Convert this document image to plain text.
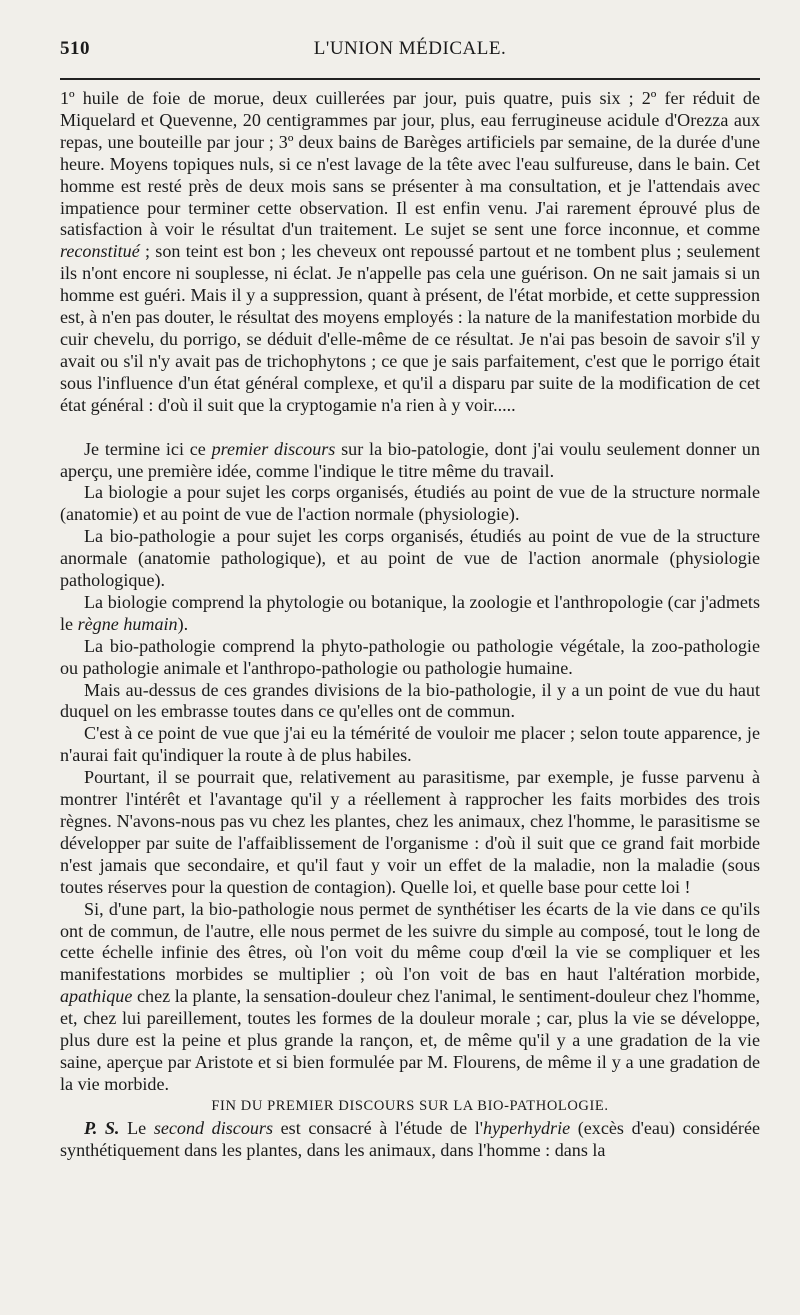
510	L'UNION MÉDICALE.

1º huile de foie de morue, deux cuillerées par jour, puis quatre, puis six ; 2º fer réduit de Miquelard et Quevenne, 20 centigrammes par jour, plus, eau ferrugineuse acidule d'Orezza aux repas, une bouteille par jour ; 3º deux bains de Barèges artificiels par semaine, de la durée d'une heure. Moyens topiques nuls, si ce n'est lavage de la tête avec l'eau sulfureuse, dans le bain. Cet homme est resté près de deux mois sans se présenter à ma consultation, et je l'attendais avec impatience pour terminer cette observation. Il est enfin venu. J'ai rarement éprouvé plus de satisfaction à voir le résultat d'un traitement. Le sujet se sent une force inconnue, et comme reconstitué ; son teint est bon ; les cheveux ont repoussé partout et ne tombent plus ; seulement ils n'ont encore ni souplesse, ni éclat. Je n'appelle pas cela une guérison. On ne sait jamais si un homme est guéri. Mais il y a suppression, quant à présent, de l'état morbide, et cette suppression est, à n'en pas douter, le résultat des moyens employés : la nature de la manifestation morbide du cuir chevelu, du porrigo, se déduit d'elle-même de ce résultat. Je n'ai pas besoin de savoir s'il y avait ou s'il n'y avait pas de trichophytons ; ce que je sais parfaitement, c'est que le porrigo était sous l'influence d'un état général complexe, et qu'il a disparu par suite de la modification de cet état général : d'où il suit que la cryptogamie n'a rien à y voir.....

Je termine ici ce premier discours sur la bio-patologie, dont j'ai voulu seulement donner un aperçu, une première idée, comme l'indique le titre même du travail.

La biologie a pour sujet les corps organisés, étudiés au point de vue de la structure normale (anatomie) et au point de vue de l'action normale (physiologie).

La bio-pathologie a pour sujet les corps organisés, étudiés au point de vue de la structure anormale (anatomie pathologique), et au point de vue de l'action anormale (physiologie pathologique).

La biologie comprend la phytologie ou botanique, la zoologie et l'anthropologie (car j'admets le règne humain).

La bio-pathologie comprend la phyto-pathologie ou pathologie végétale, la zoo-pathologie ou pathologie animale et l'anthropo-pathologie ou pathologie humaine.

Mais au-dessus de ces grandes divisions de la bio-pathologie, il y a un point de vue du haut duquel on les embrasse toutes dans ce qu'elles ont de commun.

C'est à ce point de vue que j'ai eu la témérité de vouloir me placer ; selon toute apparence, je n'aurai fait qu'indiquer la route à de plus habiles.

Pourtant, il se pourrait que, relativement au parasitisme, par exemple, je fusse parvenu à montrer l'intérêt et l'avantage qu'il y a réellement à rapprocher les faits morbides des trois règnes. N'avons-nous pas vu chez les plantes, chez les animaux, chez l'homme, le parasitisme se développer par suite de l'affaiblissement de l'organisme : d'où il suit que ce grand fait morbide n'est jamais que secondaire, et qu'il faut y voir un effet de la maladie, non la maladie (sous toutes réserves pour la question de contagion). Quelle loi, et quelle base pour cette loi !

Si, d'une part, la bio-pathologie nous permet de synthétiser les écarts de la vie dans ce qu'ils ont de commun, de l'autre, elle nous permet de les suivre du simple au composé, tout le long de cette échelle infinie des êtres, où l'on voit du même coup d'œil la vie se compliquer et les manifestations morbides se multiplier ; où l'on voit de bas en haut l'altération morbide, apathique chez la plante, la sensation-douleur chez l'animal, le sentiment-douleur chez l'homme, et, chez lui pareillement, toutes les formes de la douleur morale ; car, plus la vie se développe, plus dure est la peine et plus grande la rançon, et, de même qu'il y a une gradation de la vie saine, aperçue par Aristote et si bien formulée par M. Flourens, de même il y a une gradation de la vie morbide.

FIN DU PREMIER DISCOURS SUR LA BIO-PATHOLOGIE.

P. S. Le second discours est consacré à l'étude de l'hyperhydrie (excès d'eau) considérée synthétiquement dans les plantes, dans les animaux, dans l'homme : dans la
